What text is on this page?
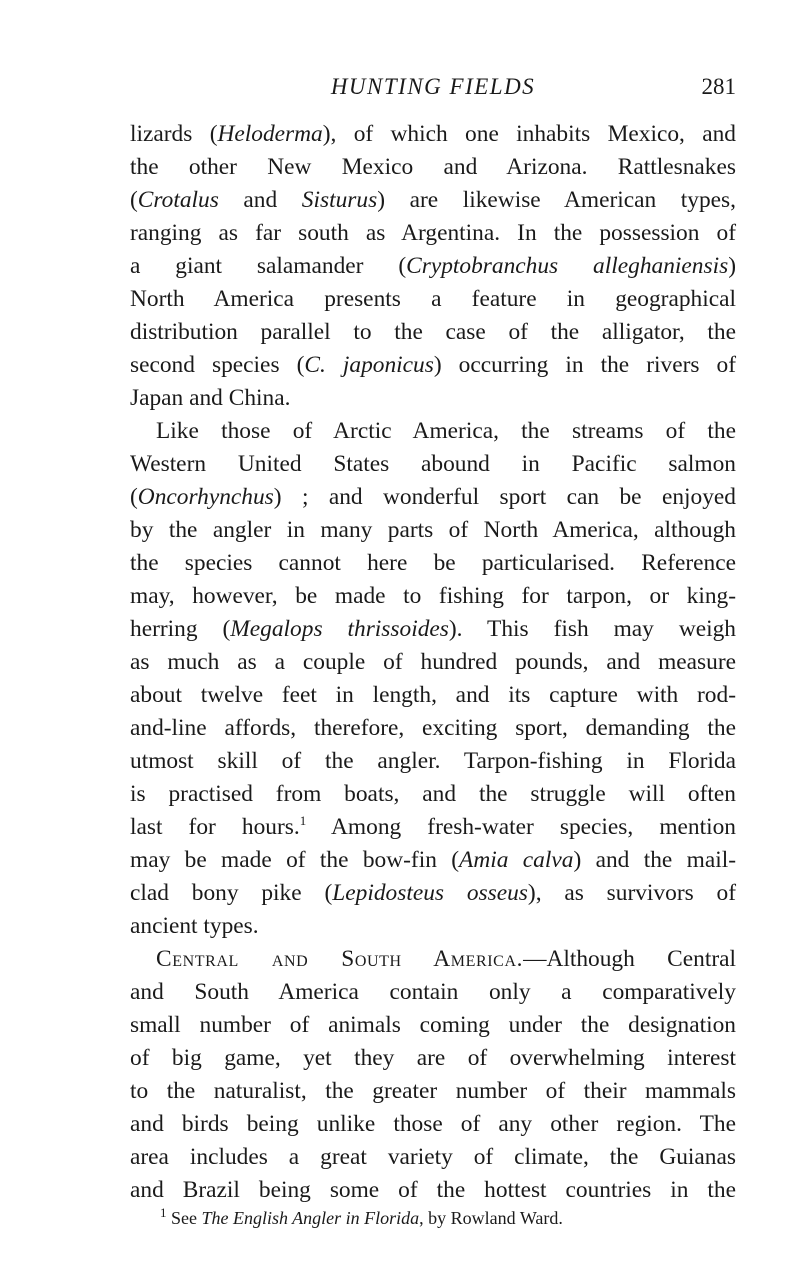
HUNTING FIELDS	281
lizards (Heloderma), of which one inhabits Mexico, and
the other New Mexico and Arizona. Rattlesnakes
(Crotalus and Sisturus) are likewise American types,
ranging as far south as Argentina. In the possession of
a giant salamander (Cryptobranchus alleghaniensis)
North America presents a feature in geographical
distribution parallel to the case of the alligator, the
second species (C. japonicus) occurring in the rivers of
Japan and China.
Like those of Arctic America, the streams of the
Western United States abound in Pacific salmon
(Oncorhynchus) ; and wonderful sport can be enjoyed
by the angler in many parts of North America, although
the species cannot here be particularised. Reference
may, however, be made to fishing for tarpon, or king-
herring (Megalops thrissoides). This fish may weigh
as much as a couple of hundred pounds, and measure
about twelve feet in length, and its capture with rod-
and-line affords, therefore, exciting sport, demanding the
utmost skill of the angler. Tarpon-fishing in Florida
is practised from boats, and the struggle will often
last for hours.$^1$ Among fresh-water species, mention
may be made of the bow-fin (Amia calva) and the mail-
clad bony pike (Lepidosteus osseus), as survivors of
ancient types.
Central and South America.—Although Central
and South America contain only a comparatively
small number of animals coming under the designation
of big game, yet they are of overwhelming interest
to the naturalist, the greater number of their mammals
and birds being unlike those of any other region. The
area includes a great variety of climate, the Guianas
and Brazil being some of the hottest countries in the
$^1$ See The English Angler in Florida, by Rowland Ward.
